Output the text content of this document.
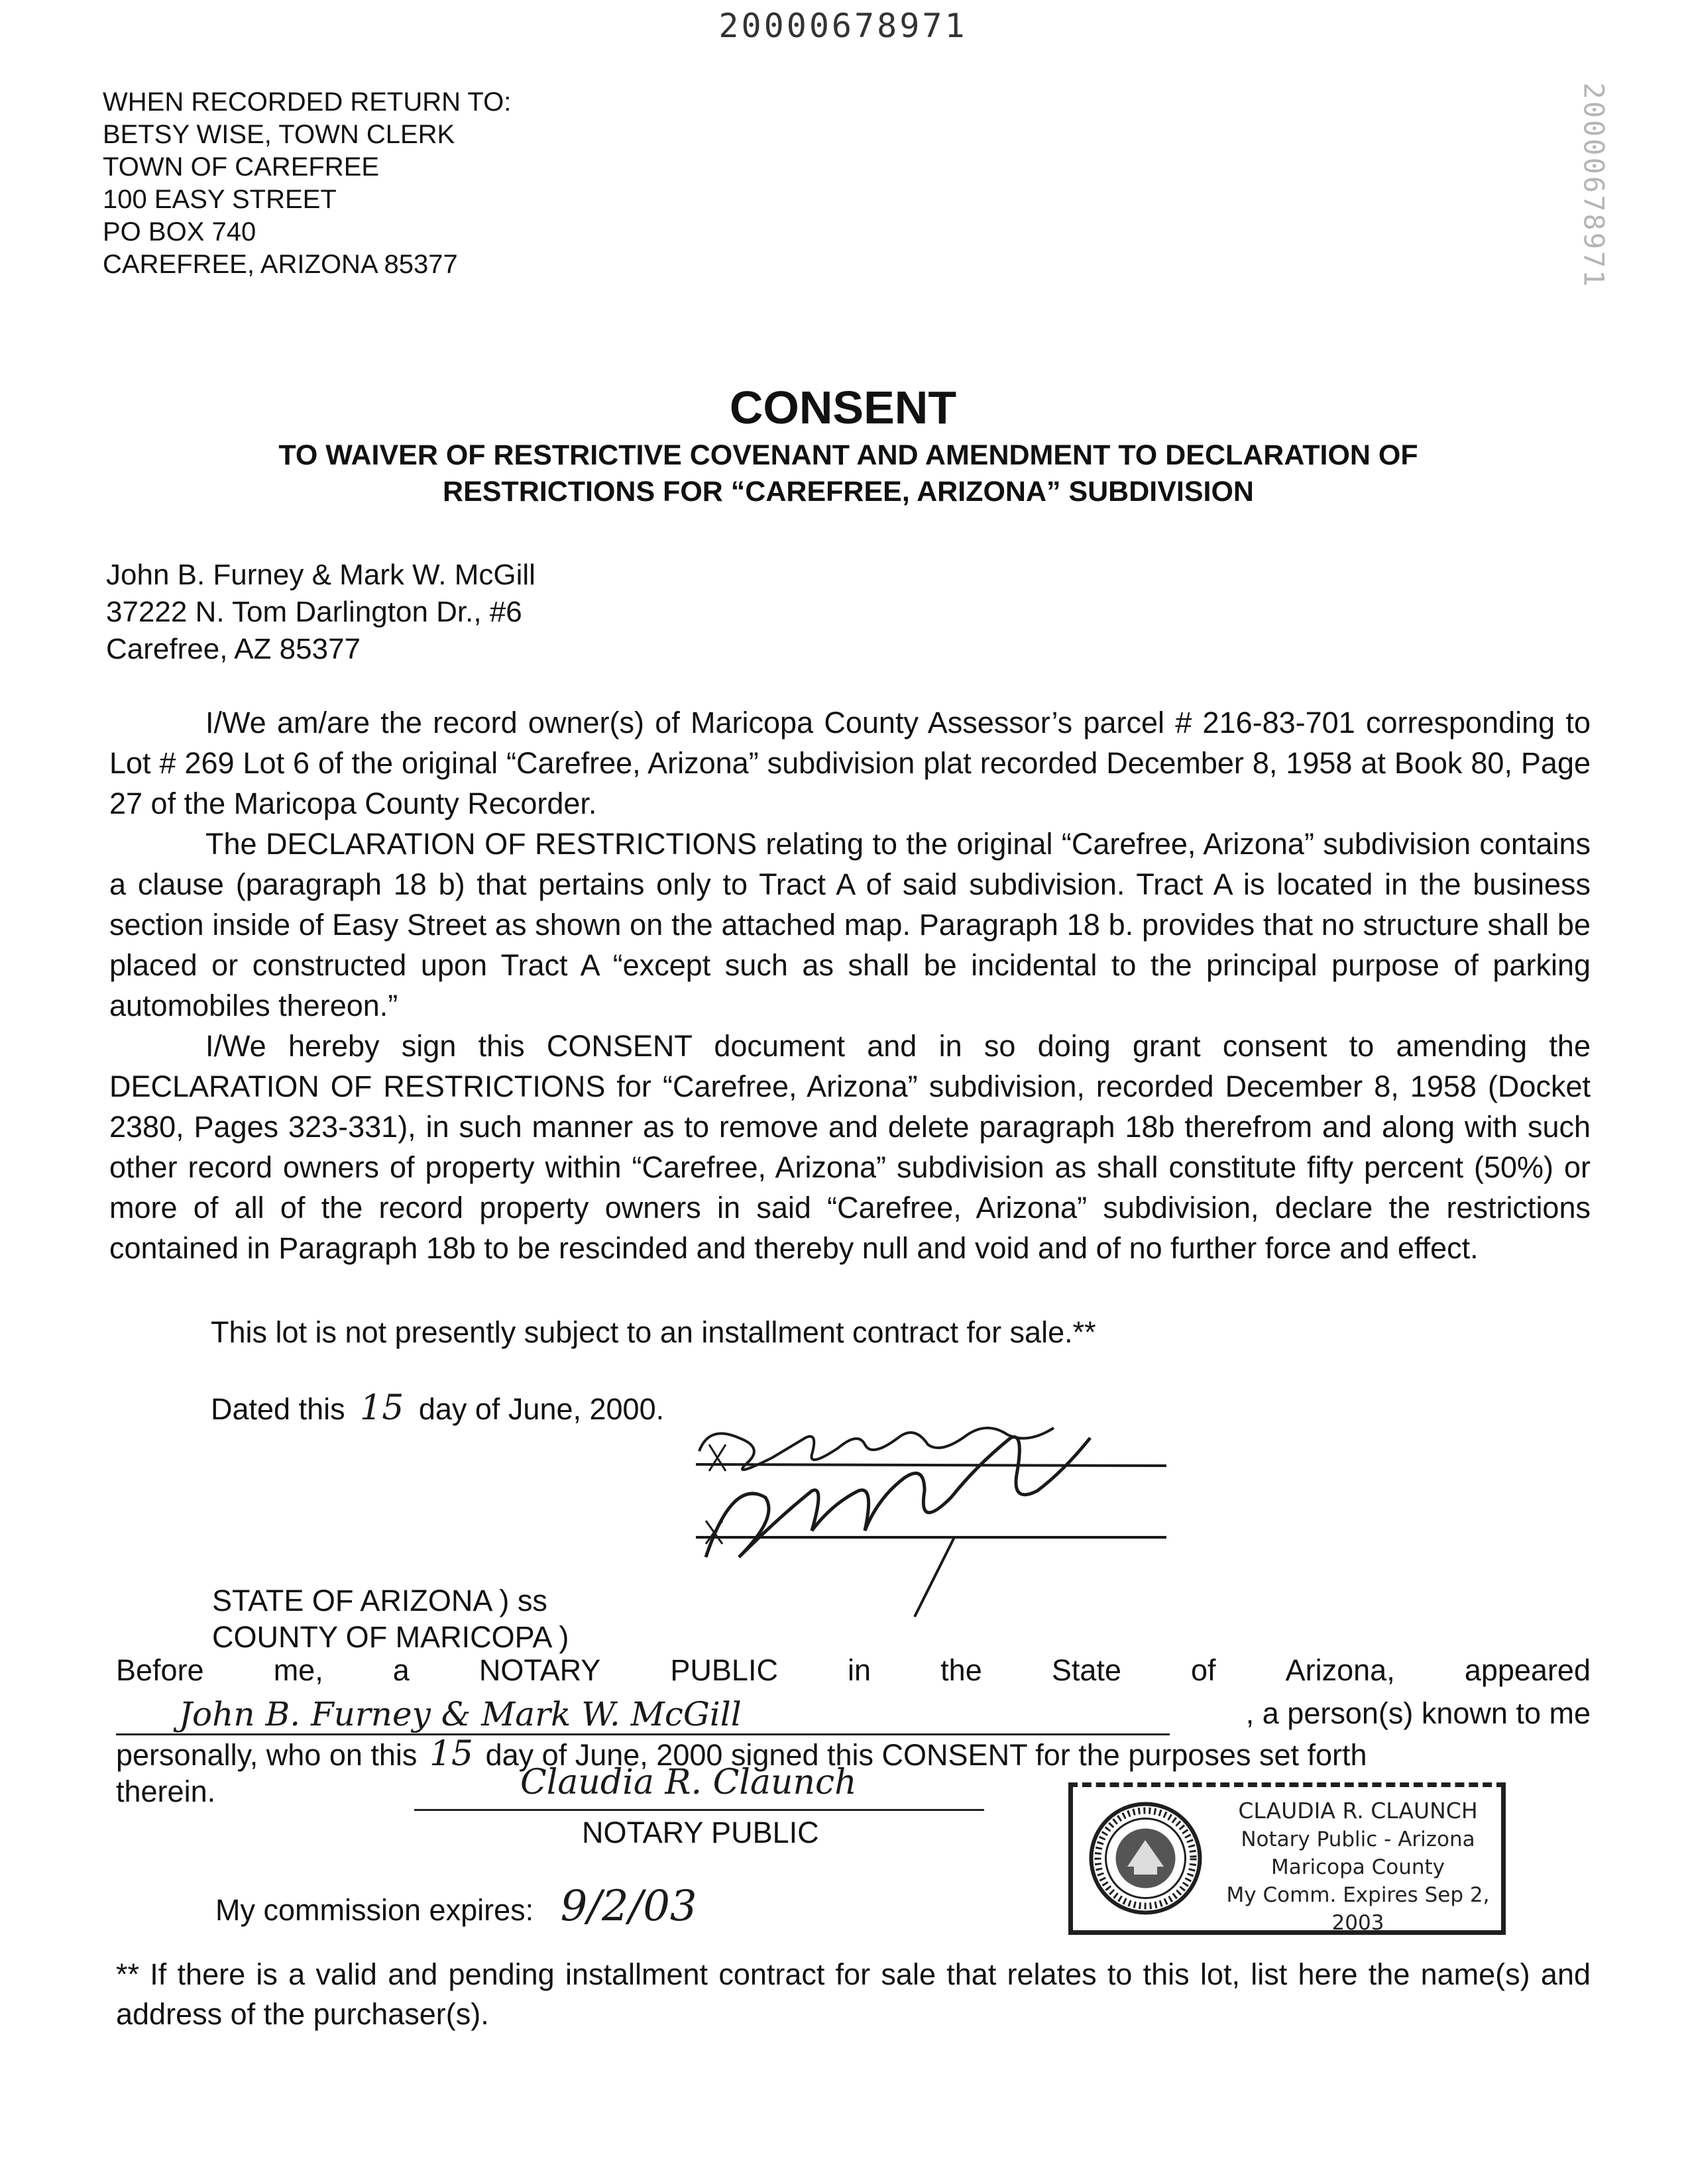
20000678971
WHEN RECORDED RETURN TO:
BETSY WISE, TOWN CLERK
TOWN OF CAREFREE
100 EASY STREET
PO BOX 740
CAREFREE, ARIZONA 85377	20000678971
CONSENT
TO WAIVER OF RESTRICTIVE COVENANT AND AMENDMENT TO DECLARATION OF
RESTRICTIONS FOR “CAREFREE, ARIZONA” SUBDIVISION
John B. Furney & Mark W. McGill
37222 N. Tom Darlington Dr., #6
Carefree, AZ 85377

I/We am/are the record owner(s) of Maricopa County Assessor’s parcel # 216-83-701 corresponding to Lot # 269 Lot 6 of the original “Carefree, Arizona” subdivision plat recorded December 8, 1958 at Book 80, Page 27 of the Maricopa County Recorder.

The DECLARATION OF RESTRICTIONS relating to the original “Carefree, Arizona” subdivision contains a clause (paragraph 18 b) that pertains only to Tract A of said subdivision. Tract A is located in the business section inside of Easy Street as shown on the attached map. Paragraph 18 b. provides that no structure shall be placed or constructed upon Tract A “except such as shall be incidental to the principal purpose of parking automobiles thereon.”

I/We hereby sign this CONSENT document and in so doing grant consent to amending the DECLARATION OF RESTRICTIONS for “Carefree, Arizona” subdivision, recorded December 8, 1958 (Docket 2380, Pages 323-331), in such manner as to remove and delete paragraph 18b therefrom and along with such other record owners of property within “Carefree, Arizona” subdivision as shall constitute fifty percent (50%) or more of all of the record property owners in said “Carefree, Arizona” subdivision, declare the restrictions contained in Paragraph 18b to be rescinded and thereby null and void and of no further force and effect.

This lot is not presently subject to an installment contract for sale.**
Dated this 15 day of June, 2000.
STATE OF ARIZONA ) ss
COUNTY OF MARICOPA )
Before me, a NOTARY PUBLIC in the State of Arizona, appeared
John B. Furney & Mark W. McGill	, a person(s) known to me
personally, who on this 15 day of June, 2000 signed this CONSENT for the purposes set forth
therein.	Claudia R. Claunch
NOTARY PUBLIC
My commission expires: 9/2/03
CLAUDIA R. CLAUNCH
Notary Public - Arizona
Maricopa County
My Comm. Expires Sep 2, 2003
** If there is a valid and pending installment contract for sale that relates to this lot, list here the name(s) and address of the purchaser(s).
